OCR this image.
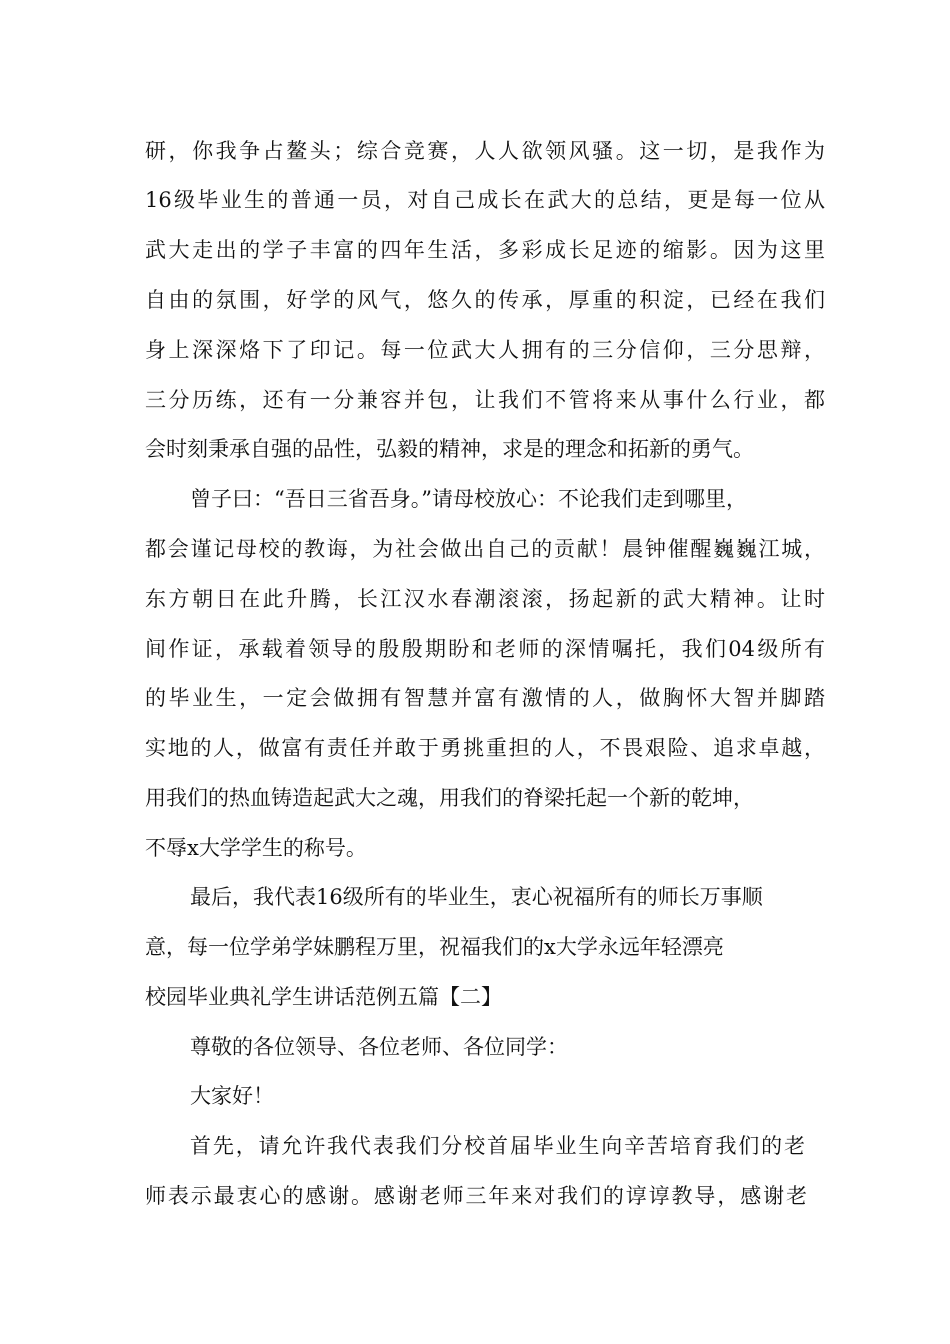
研，你我争占鳌头；综合竞赛，人人欲领风骚。这一切，是我作为
16级毕业生的普通一员，对自己成长在武大的总结，更是每一位从
武大走出的学子丰富的四年生活，多彩成长足迹的缩影。因为这里
自由的氛围，好学的风气，悠久的传承，厚重的积淀，已经在我们
身上深深烙下了印记。每一位武大人拥有的三分信仰，三分思辩，
三分历练，还有一分兼容并包，让我们不管将来从事什么行业，都
会时刻秉承自强的品性，弘毅的精神，求是的理念和拓新的勇气。
曾子曰：“吾日三省吾身。”请母校放心：不论我们走到哪里，
都会谨记母校的教诲，为社会做出自己的贡献！晨钟催醒巍巍江城，
东方朝日在此升腾，长江汉水春潮滚滚，扬起新的武大精神。让时
间作证，承载着领导的殷殷期盼和老师的深情嘱托，我们04级所有
的毕业生，一定会做拥有智慧并富有激情的人，做胸怀大智并脚踏
实地的人，做富有责任并敢于勇挑重担的人，不畏艰险、追求卓越，
用我们的热血铸造起武大之魂，用我们的脊梁托起一个新的乾坤，
不辱x大学学生的称号。
最后，我代表16级所有的毕业生，衷心祝福所有的师长万事顺
意，每一位学弟学妹鹏程万里，祝福我们的x大学永远年轻漂亮
校园毕业典礼学生讲话范例五篇【二】
尊敬的各位领导、各位老师、各位同学：
大家好！
首先，请允许我代表我们分校首届毕业生向辛苦培育我们的老
师表示最衷心的感谢。感谢老师三年来对我们的谆谆教导，感谢老
